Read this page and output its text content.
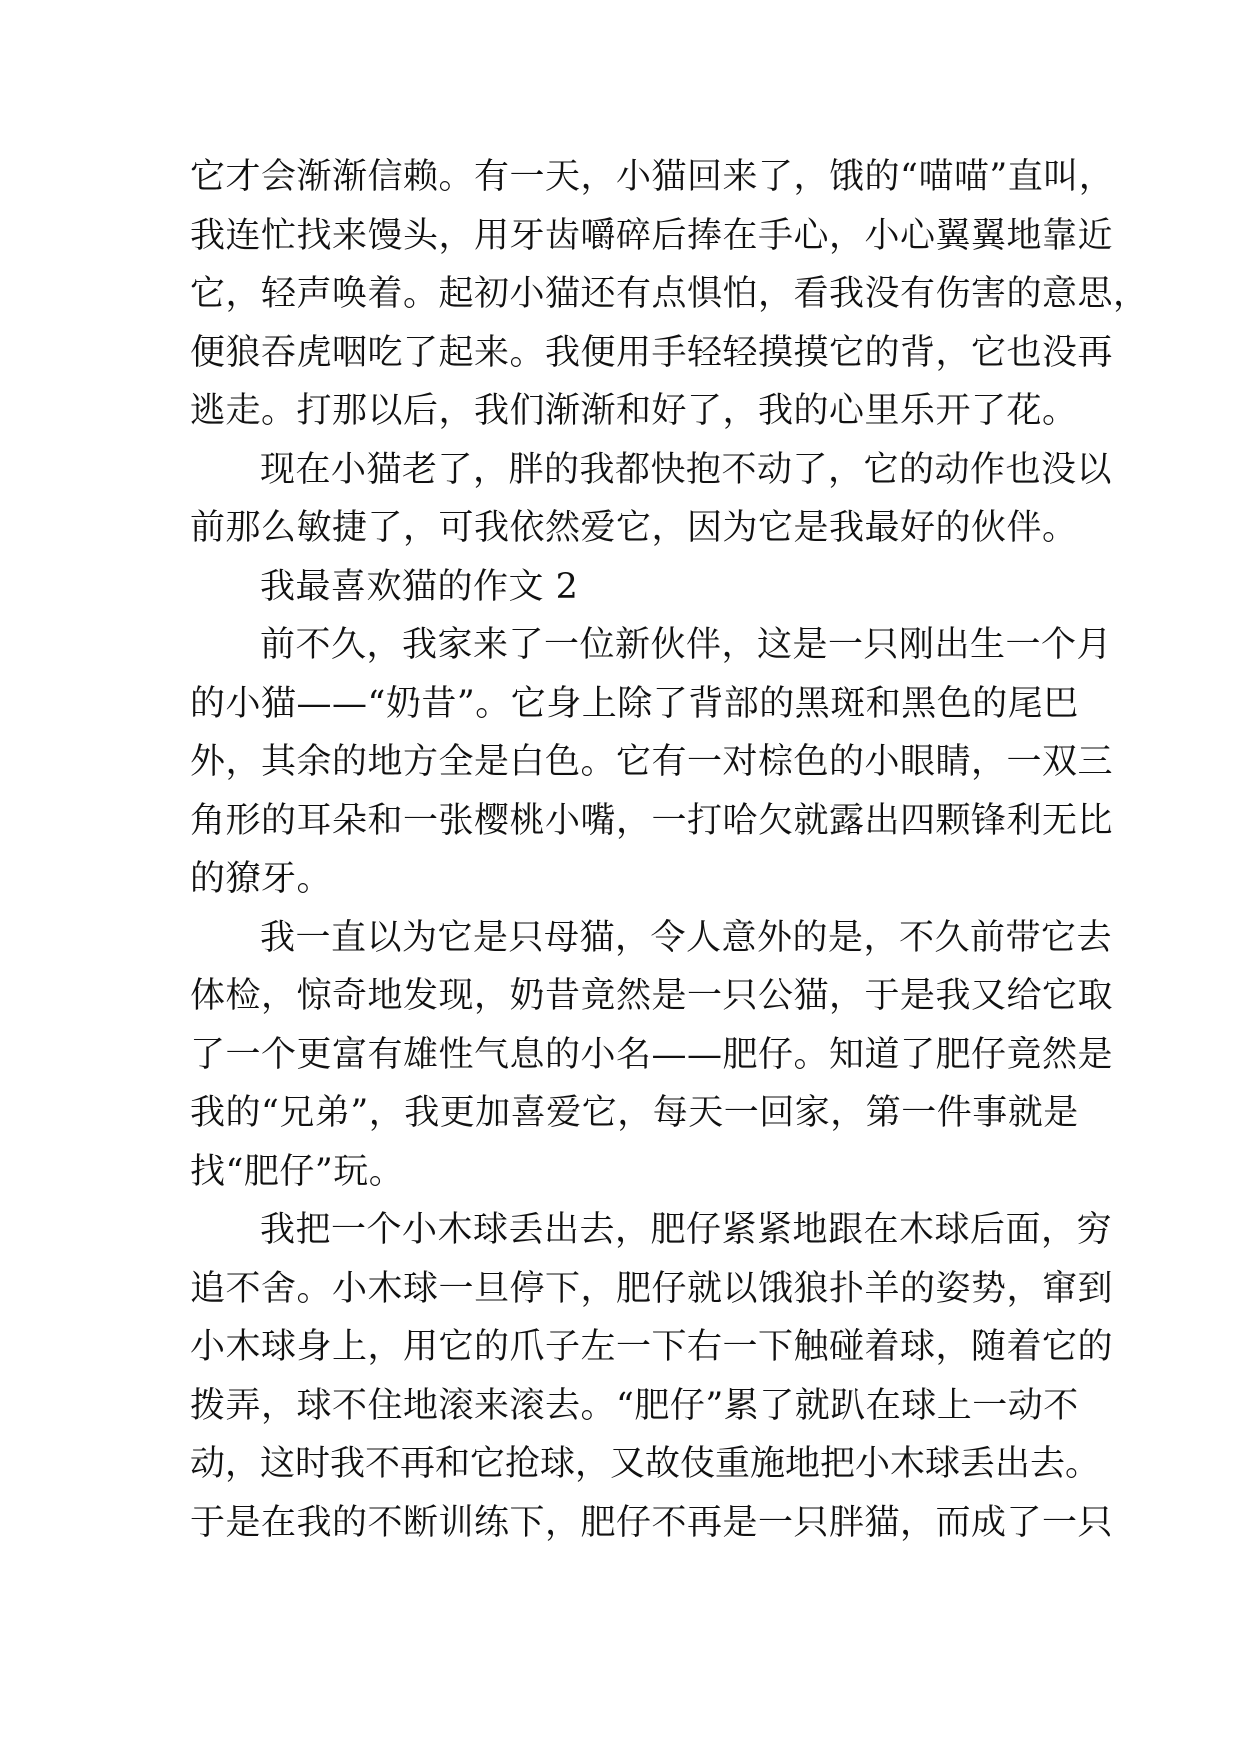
它才会渐渐信赖。有一天，小猫回来了，饿的“喵喵”直叫，
我连忙找来馒头，用牙齿嚼碎后捧在手心，小心翼翼地靠近
它，轻声唤着。起初小猫还有点惧怕，看我没有伤害的意思，
便狼吞虎咽吃了起来。我便用手轻轻摸摸它的背，它也没再
逃走。打那以后，我们渐渐和好了，我的心里乐开了花。
现在小猫老了，胖的我都快抱不动了，它的动作也没以
前那么敏捷了，可我依然爱它，因为它是我最好的伙伴。
我最喜欢猫的作文 2
前不久，我家来了一位新伙伴，这是一只刚出生一个月
的小猫——“奶昔”。它身上除了背部的黑斑和黑色的尾巴
外，其余的地方全是白色。它有一对棕色的小眼睛，一双三
角形的耳朵和一张樱桃小嘴，一打哈欠就露出四颗锋利无比
的獠牙。
我一直以为它是只母猫，令人意外的是，不久前带它去
体检，惊奇地发现，奶昔竟然是一只公猫，于是我又给它取
了一个更富有雄性气息的小名——肥仔。知道了肥仔竟然是
我的“兄弟”，我更加喜爱它，每天一回家，第一件事就是
找“肥仔”玩。
我把一个小木球丢出去，肥仔紧紧地跟在木球后面，穷
追不舍。小木球一旦停下，肥仔就以饿狼扑羊的姿势，窜到
小木球身上，用它的爪子左一下右一下触碰着球，随着它的
拨弄，球不住地滚来滚去。“肥仔”累了就趴在球上一动不
动，这时我不再和它抢球，又故伎重施地把小木球丢出去。
于是在我的不断训练下，肥仔不再是一只胖猫，而成了一只
